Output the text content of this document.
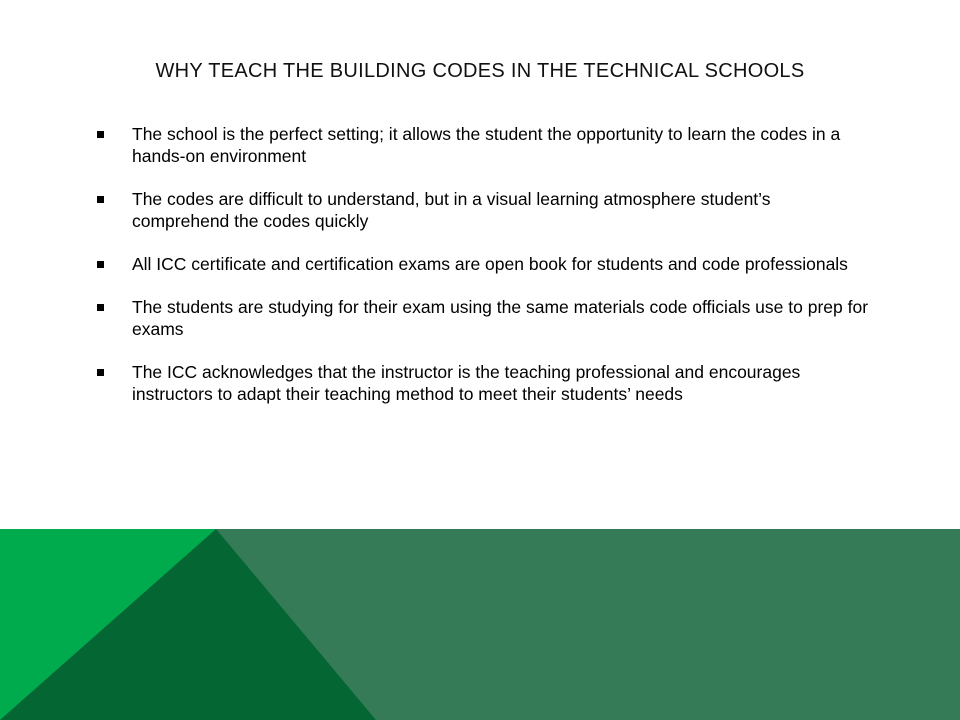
WHY TEACH THE BUILDING CODES IN THE TECHNICAL SCHOOLS
The school is the perfect setting; it allows the student the opportunity to learn the codes in a hands-on environment
The codes are difficult to understand, but in a visual learning atmosphere student’s comprehend the codes quickly
All ICC certificate and certification exams are open book for students and code professionals
The students are studying for their exam using the same materials code officials use to prep for exams
The ICC acknowledges that the instructor is the teaching professional and encourages instructors to adapt their teaching method to meet their students’ needs
